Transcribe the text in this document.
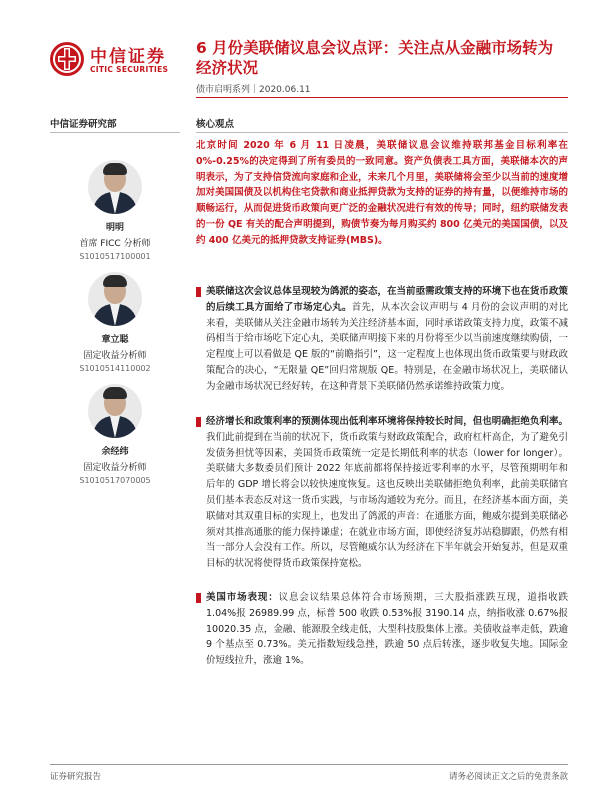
中信证券
CITIC SECURITIES
6 月份美联储议息会议点评：关注点从金融市场转为经济状况
债市启明系列｜2020.06.11
中信证券研究部
明明
首席 FICC 分析师
S1010517100001
章立聪
固定收益分析师
S1010514110002
余经纬
固定收益分析师
S1010517070005
核心观点
北京时间 2020 年 6 月 11 日凌晨，美联储议息会议维持联邦基金目标利率在 0%-0.25%的决定得到了所有委员的一致同意。资产负债表工具方面，美联储本次的声明表示，为了支持信贷流向家庭和企业，未来几个月里，美联储将会至少以当前的速度增加对美国国债及以机构住宅贷款和商业抵押贷款为支持的证券的持有量，以便维持市场的顺畅运行，从而促进货币政策向更广泛的金融状况进行有效的传导；同时，纽约联储发表的一份 QE 有关的配合声明提到，购债节奏为每月购买约 800 亿美元的美国国债，以及约 400 亿美元的抵押贷款支持证券(MBS)。
美联储这次会议总体呈现较为鸽派的姿态，在当前亟需政策支持的环境下也在货币政策的后续工具方面给了市场定心丸。首先，从本次会议声明与 4 月份的会议声明的对比来看，美联储从关注金融市场转为关注经济基本面，同时承诺政策支持力度，政策不减码相当于给市场吃下定心丸，美联储声明接下来的月份将至少以当前速度继续购债，一定程度上可以看做是 QE 版的“前瞻指引”，这一定程度上也体现出货币政策要与财政政策配合的决心，“无限量 QE”回归常规版 QE。特别是，在金融市场状况上，美联储认为金融市场状况已经好转，在这种背景下美联储仍然承诺维持政策力度。
经济增长和政策利率的预测体现出低利率环境将保持较长时间，但也明确拒绝负利率。我们此前提到在当前的状况下，货币政策与财政政策配合，政府杠杆高企，为了避免引发债务担忧等因素，美国货币政策统一定是长期低利率的状态（lower for longer）。美联储大多数委员们预计 2022 年底前都将保持接近零利率的水平，尽管预期明年和后年的 GDP 增长将会以较快速度恢复。这也反映出美联储拒绝负利率，此前美联储官员们基本表态反对这一货币实践，与市场沟通较为充分。而且，在经济基本面方面，美联储对其双重目标的实现上，也发出了鸽派的声音：在通胀方面，鲍威尔提到美联储必须对其推高通胀的能力保持谦虚；在就业市场方面，即使经济复苏站稳脚跟，仍然有相当一部分人会没有工作。所以，尽管鲍威尔认为经济在下半年就会开始复苏，但是双重目标的状况将使得货币政策保持宽松。
美国市场表现：议息会议结果总体符合市场预期，三大股指涨跌互现，道指收跌 1.04%报 26989.99 点，标普 500 收跌 0.53%报 3190.14 点，纳指收涨 0.67%报 10020.35 点，金融、能源股全线走低，大型科技股集体上涨。美债收益率走低，跌逾 9 个基点至 0.73%。美元指数短线急挫，跌逾 50 点后转涨，逐步收复失地。国际金价短线拉升，涨逾 1%。
证券研究报告	请务必阅读正文之后的免责条款
